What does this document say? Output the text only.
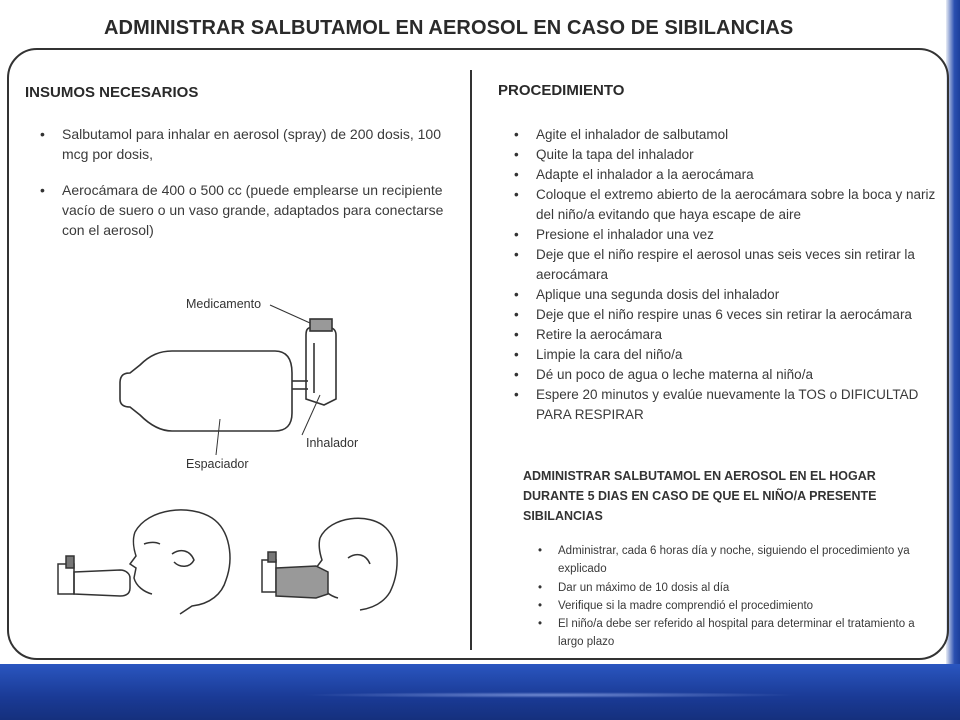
ADMINISTRAR SALBUTAMOL EN AEROSOL EN CASO DE SIBILANCIAS
INSUMOS NECESARIOS
• Salbutamol para inhalar en aerosol (spray) de 200 dosis, 100 mcg por dosis,
• Aerocámara de 400 o 500 cc (puede emplearse un recipiente vacío de suero o un vaso grande, adaptados para conectarse con el aerosol)
Medicamento
Inhalador
Espaciador
PROCEDIMIENTO
• Agite el inhalador de salbutamol
• Quite la tapa del inhalador
• Adapte el inhalador a la aerocámara
• Coloque el extremo abierto de la aerocámara sobre la boca y nariz del niño/a evitando que haya escape de aire
• Presione el inhalador una vez
• Deje que el niño respire el aerosol unas seis veces sin retirar la aerocámara
• Aplique una segunda dosis del inhalador
• Deje que el niño respire unas 6 veces sin retirar la aerocámara
• Retire la aerocámara
• Limpie la cara del niño/a
• Dé un poco de agua o leche materna al niño/a
• Espere 20 minutos y evalúe nuevamente la TOS o DIFICULTAD PARA RESPIRAR
ADMINISTRAR SALBUTAMOL EN AEROSOL EN EL HOGAR DURANTE 5 DIAS EN CASO DE QUE EL NIÑO/A PRESENTE SIBILANCIAS
• Administrar, cada 6 horas día y noche, siguiendo el procedimiento ya explicado
• Dar un máximo de 10 dosis al día
• Verifique si la madre comprendió el procedimiento
• El niño/a debe ser referido al hospital para determinar el tratamiento a largo plazo
